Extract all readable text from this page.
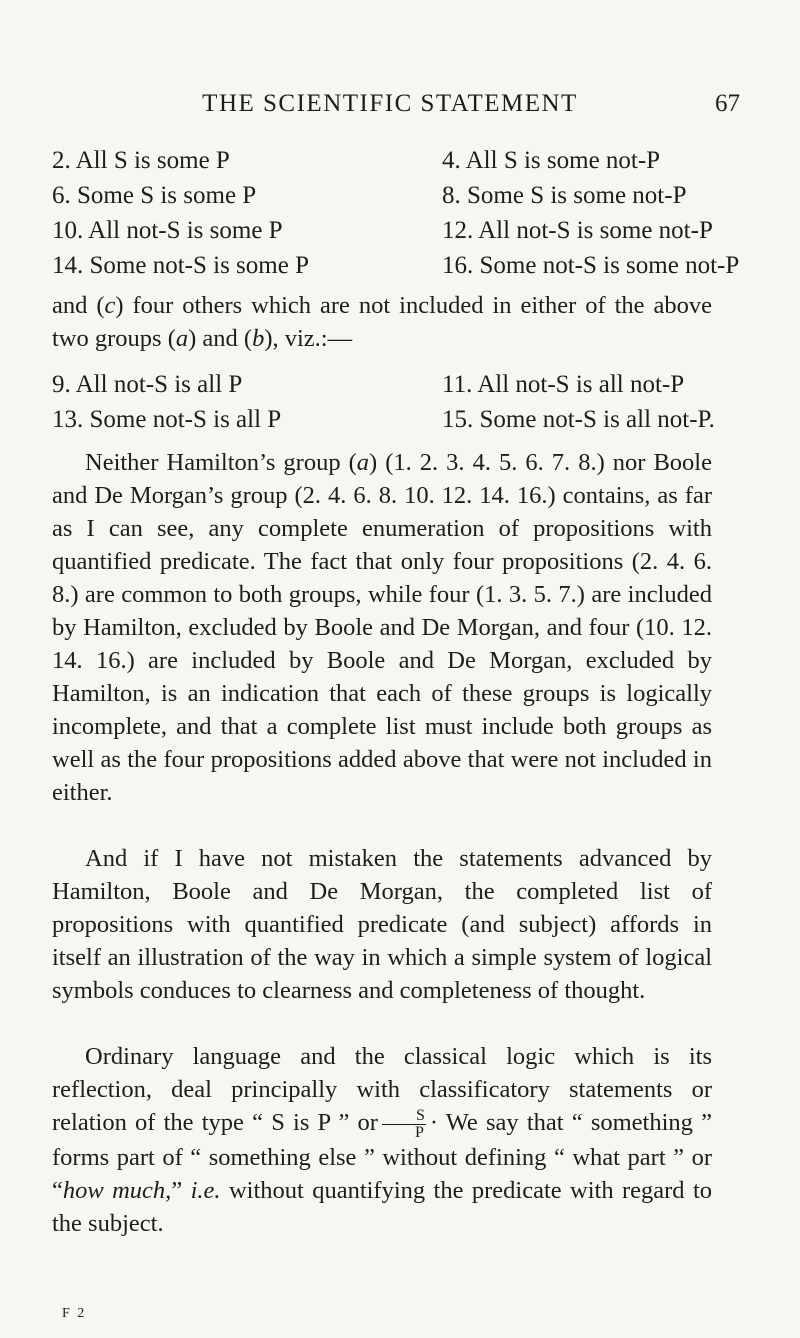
THE SCIENTIFIC STATEMENT	67
2. All S is some P	4. All S is some not-P
6. Some S is some P	8. Some S is some not-P
10. All not-S is some P	12. All not-S is some not-P
14. Some not-S is some P	16. Some not-S is some not-P
and (c) four others which are not included in either of the above two groups (a) and (b), viz.:—
9. All not-S is all P	11. All not-S is all not-P
13. Some not-S is all P	15. Some not-S is all not-P.
Neither Hamilton’s group (a) (1. 2. 3. 4. 5. 6. 7. 8.) nor Boole and De Morgan’s group (2. 4. 6. 8. 10. 12. 14. 16.) contains, as far as I can see, any complete enumeration of propositions with quantified predicate. The fact that only four propositions (2. 4. 6. 8.) are common to both groups, while four (1. 3. 5. 7.) are included by Hamilton, excluded by Boole and De Morgan, and four (10. 12. 14. 16.) are included by Boole and De Morgan, excluded by Hamilton, is an indication that each of these groups is logically incomplete, and that a complete list must include both groups as well as the four propositions added above that were not included in either.
And if I have not mistaken the statements advanced by Hamilton, Boole and De Morgan, the completed list of propositions with quantified predicate (and subject) affords in itself an illustration of the way in which a simple system of logical symbols conduces to clearness and completeness of thought.
Ordinary language and the classical logic which is its reflection, deal principally with classificatory statements or relation of the type “ S is P ” or $\frac{S}{P} \cdot We$ say that “ something ” forms part of “ something else ” without defining “ what part ” or “how much,” i.e. without quantifying the predicate with regard to the subject.
F 2
